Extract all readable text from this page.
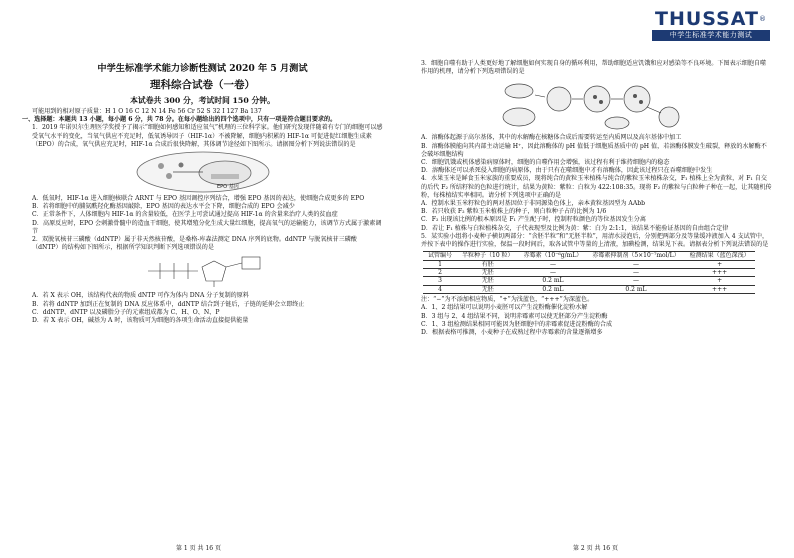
THUSSAT®
中学生标准学术能力测试

中学生标准学术能力诊断性测试 2020 年 5 月测试

理科综合试卷（一卷）

本试卷共 300 分，考试时间 150 分钟。

可能用到的相对原子质量：H 1 O 16 C 12 N 14 Fe 56 Cr 52 S 32 I 127 Ba 137

一、选择题：本题共 13 小题，每小题 6 分，共 78 分。在每小题给出的四个选项中，只有一项是符合题目要求的。

1．2019 年诺贝尔生理医学奖授予了揭示“细胞如何感知和适应氧气”机理的三位科学家。他们研究发现伴随着有专门的细胞可以感受氧气水平的变化，当氧气供应不充足时，低氧诱导因子（HIF-1α）不被降解，细胞内积累的 HIF-1α 可促进促红细胞生成素（EPO）的合成，氧气供应充足时，HIF-1α 合成后很快降解，其体调节途径如下图所示。请据图分析下列说法错误的是

EPO 基因

A．低氧时，HIF-1α 进入细胞核联合 ARNT 与 EPO 基因调控序列结合，增强 EPO 基因的表达，使细胞合成更多的 EPO

B．若将细胞中的脯氨酰羟化酶基因敲除，EPO 基因的表达水平会下降，细胞合成的 EPO 会减少

C．正常条件下，人体细胞内 HIF-1α 的含量较低，在医学上可尝试通过提高 HIF-1α 的含量来治疗人类的贫血症

D．高原反应时，EPO 会刺激骨髓中的造血干细胞，使其增殖分化生成大量红细胞，提高氧气的运输能力，该调节方式属于激素调节

2．双脱氧核苷三磷酸（ddNTP）属于非天然核苷酸，是桑格-库森法测定 DNA 序列的底物。ddNTP 与脱氧核苷三磷酸（dNTP）的结构如下图所示，根据所学知识判断下列选项错误的是

A．若 X 表示 OH，该结构代表的物质 dNTP 可作为体内 DNA 分子复制的原料

B．若将 ddNTP 加到正在复制的 DNA 反应体系中，ddNTP 结合到子链后，子链的延伸会立即终止

C．ddNTP、dNTP 以及磷脂分子的元素组成都为 C、H、O、N、P

D．若 X 表示 OH，碱基为 A 时，该物质可为细胞的各项生命活动直接提供能量

第 1 页 共 16 页

3．细胞自噬有助于人类更好地了解细胞如何实现自身的循环利用，帮助细胞适应饥饿和应对感染等不良环境。下图表示细胞自噬作用的机理，请分析下列选项错误的是

A．溶酶体起源于高尔基体，其中的水解酶在核糖体合成后需要转运至内质网以及高尔基体中加工

B．溶酶体膜能向其内部主动运输 H⁺，因此溶酶体的 pH 值低于细胞质基质中的 pH 值，若溶酶体膜发生破裂，释放的水解酶不会破坏细胞结构

C．细胞饥饿或机体感染病原体时，细胞的自噬作用会增强，该过程有利于维持细胞内的稳态

D．溶酶体还可以杀死侵入细胞的病原体，由于只有在噬细胞中才有溶酶体，因此该过程只在吞噬细胞中发生

4．水果玉米是鲜食玉米家族的重要成员，现将纯合的黄粒玉米植株与纯合的紫粒玉米植株杂交，F₁ 植株上全为黄粒，对 F₁ 自交的后代 F₂ 所结籽粒的色粒进行统计，结果为黄粒：紫粒：白粒为 422:108:35。现将 F₂ 的紫粒与白粒种子种在一起，让其随机传粉，每株植结实率相同。请分析下列选项中正确的是

A．控制水果玉米籽粒色的两对基因位于非同源染色体上，亲本黄粒基因型为 AAbb

B．若只收获 F₂ 紫粒玉米植株上的种子，则白粒种子占的比例为 1/6

C．F₂ 出现该比例的根本原因是 F₁ 产生配子时，控制籽粒颜色的等位基因发生分离

D．若让 F₁ 植株与白粒植株杂交，子代表现型及比例为黄：紫：白为 2:1:1，该结果不能验证基因的自由组合定律

5．某实验小组将小麦种子横切两部分：“含胚半粒”和“无胚半粒”，用清水浸泡后，分别把两部分及等量缓冲液加入 4 支试管中，并按下表中的操作进行实验，保温一段时间后，取各试管中等量的上清液，加碘检测，结果见下表。请据表分析下列说法错误的是

试管编号	半粒种子（10 粒）	赤霉素（10⁻⁶g/mL）	赤霉素抑制剂（5×10⁻⁷mol/L）	检测结果（蓝色深浅）
1	有胚	—	—	+
2	无胚	—	—	+++
3	无胚	0.2 mL	—	+
4	无胚	0.2 mL	0.2 mL	+++

注：“−”为不添加相应物质，“+”为浅蓝色，“+++”为深蓝色。

A．1、2 组结果可以说明小麦胚可以产生淀粉酶催化淀粉水解

B．3 组与 2、4 组结果不同，说明赤霉素可以使无胚部分产生淀粉酶

C．1、3 组检测结果相同可能因为胚细胞中的赤霉素促进淀粉酶的合成

D．根据表格可推测，小麦种子在成熟过程中赤霉素的含量逐渐增多

第 2 页 共 16 页
